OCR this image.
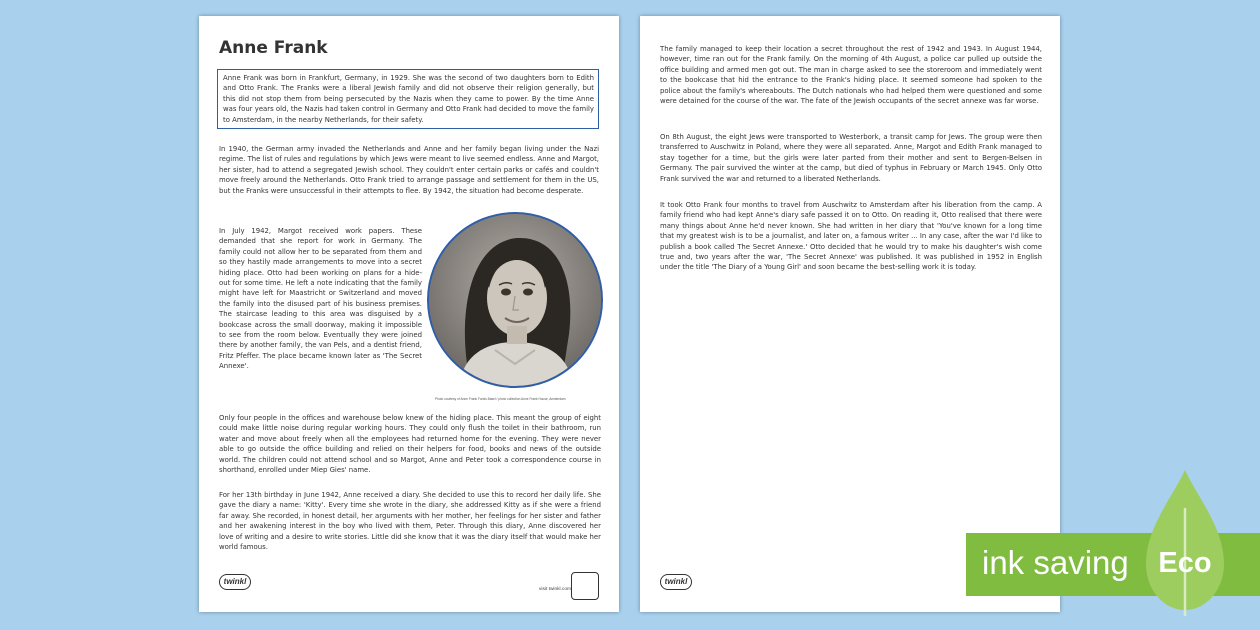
Anne Frank

Anne Frank was born in Frankfurt, Germany, in 1929. She was the second of two daughters born to Edith and Otto Frank. The Franks were a liberal Jewish family and did not observe their religion generally, but this did not stop them from being persecuted by the Nazis when they came to power. By the time Anne was four years old, the Nazis had taken control in Germany and Otto Frank had decided to move the family to Amsterdam, in the nearby Netherlands, for their safety.

In 1940, the German army invaded the Netherlands and Anne and her family began living under the Nazi regime. The list of rules and regulations by which Jews were meant to live seemed endless. Anne and Margot, her sister, had to attend a segregated Jewish school. They couldn't enter certain parks or cafés and couldn't move freely around the Netherlands. Otto Frank tried to arrange passage and settlement for them in the US, but the Franks were unsuccessful in their attempts to flee. By 1942, the situation had become desperate.

In July 1942, Margot received work papers. These demanded that she report for work in Germany. The family could not allow her to be separated from them and so they hastily made arrangements to move into a secret hiding place. Otto had been working on plans for a hide-out for some time. He left a note indicating that the family might have left for Maastricht or Switzerland and moved the family into the disused part of his business premises. The staircase leading to this area was disguised by a bookcase across the small doorway, making it impossible to see from the room below. Eventually they were joined there by another family, the van Pels, and a dentist friend, Fritz Pfeffer. The place became known later as 'The Secret Annexe'.

Photo courtesy of Anne Frank Fonds Basel / photo collection Anne Frank House, Amsterdam

Only four people in the offices and warehouse below knew of the hiding place. This meant the group of eight could make little noise during regular working hours. They could only flush the toilet in their bathroom, run water and move about freely when all the employees had returned home for the evening. They were never able to go outside the office building and relied on their helpers for food, books and news of the outside world. The children could not attend school and so Margot, Anne and Peter took a correspondence course in shorthand, enrolled under Miep Gies' name.

For her 13th birthday in June 1942, Anne received a diary. She decided to use this to record her daily life. She gave the diary a name: 'Kitty'. Every time she wrote in the diary, she addressed Kitty as if she were a friend far away. She recorded, in honest detail, her arguments with her mother, her feelings for her sister and father and her awakening interest in the boy who lived with them, Peter. Through this diary, Anne discovered her love of writing and a desire to write stories. Little did she know that it was the diary itself that would make her world famous.

twinkl
visit twinkl.com

The family managed to keep their location a secret throughout the rest of 1942 and 1943. In August 1944, however, time ran out for the Frank family. On the morning of 4th August, a police car pulled up outside the office building and armed men got out. The man in charge asked to see the storeroom and immediately went to the bookcase that hid the entrance to the Frank's hiding place. It seemed someone had spoken to the police about the family's whereabouts. The Dutch nationals who had helped them were questioned and some were detained for the course of the war. The fate of the Jewish occupants of the secret annexe was far worse.

On 8th August, the eight Jews were transported to Westerbork, a transit camp for Jews. The group were then transferred to Auschwitz in Poland, where they were all separated. Anne, Margot and Edith Frank managed to stay together for a time, but the girls were later parted from their mother and sent to Bergen-Belsen in Germany. The pair survived the winter at the camp, but died of typhus in February or March 1945. Only Otto Frank survived the war and returned to a liberated Netherlands.

It took Otto Frank four months to travel from Auschwitz to Amsterdam after his liberation from the camp. A family friend who had kept Anne's diary safe passed it on to Otto. On reading it, Otto realised that there were many things about Anne he'd never known. She had written in her diary that 'You've known for a long time that my greatest wish is to be a journalist, and later on, a famous writer ... In any case, after the war I'd like to publish a book called The Secret Annexe.' Otto decided that he would try to make his daughter's wish come true and, two years after the war, 'The Secret Annexe' was published. It was published in 1952 in English under the title 'The Diary of a Young Girl' and soon became the best-selling work it is today.

twinkl
ink saving Eco
